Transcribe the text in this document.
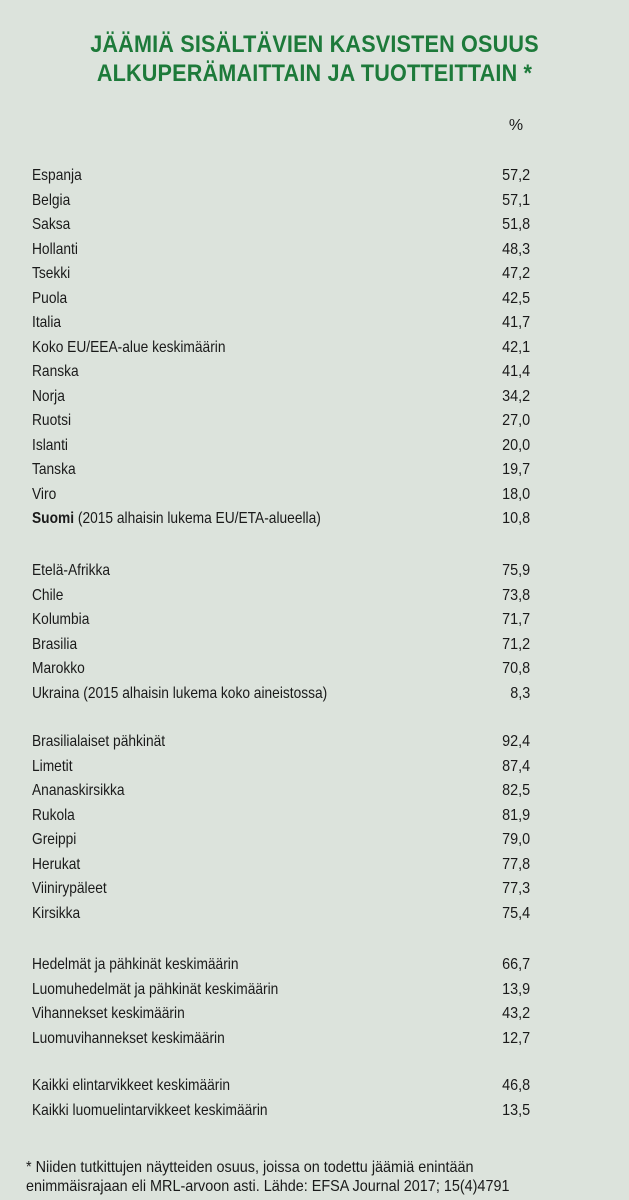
JÄÄMIÄ SISÄLTÄVIEN KASVISTEN OSUUS
ALKUPERÄMAITTAIN JA TUOTTEITTAIN *
%
Espanja	57,2
Belgia	57,1
Saksa	51,8
Hollanti	48,3
Tsekki	47,2
Puola	42,5
Italia	41,7
Koko EU/EEA-alue keskimäärin	42,1
Ranska	41,4
Norja	34,2
Ruotsi	27,0
Islanti	20,0
Tanska	19,7
Viro	18,0
Suomi (2015 alhaisin lukema EU/ETA-alueella)	10,8
Etelä-Afrikka	75,9
Chile	73,8
Kolumbia	71,7
Brasilia	71,2
Marokko	70,8
Ukraina (2015 alhaisin lukema koko aineistossa)	8,3
Brasilialaiset pähkinät	92,4
Limetit	87,4
Ananaskirsikka	82,5
Rukola	81,9
Greippi	79,0
Herukat	77,8
Viinirypäleet	77,3
Kirsikka	75,4
Hedelmät ja pähkinät keskimäärin	66,7
Luomuhedelmät ja pähkinät keskimäärin	13,9
Vihannekset keskimäärin	43,2
Luomuvihannekset keskimäärin	12,7
Kaikki elintarvikkeet keskimäärin	46,8
Kaikki luomuelintarvikkeet keskimäärin	13,5
* Niiden tutkittujen näytteiden osuus, joissa on todettu jäämiä enintään
enimmäisrajaan eli MRL-arvoon asti. Lähde: EFSA Journal 2017; 15(4)4791
